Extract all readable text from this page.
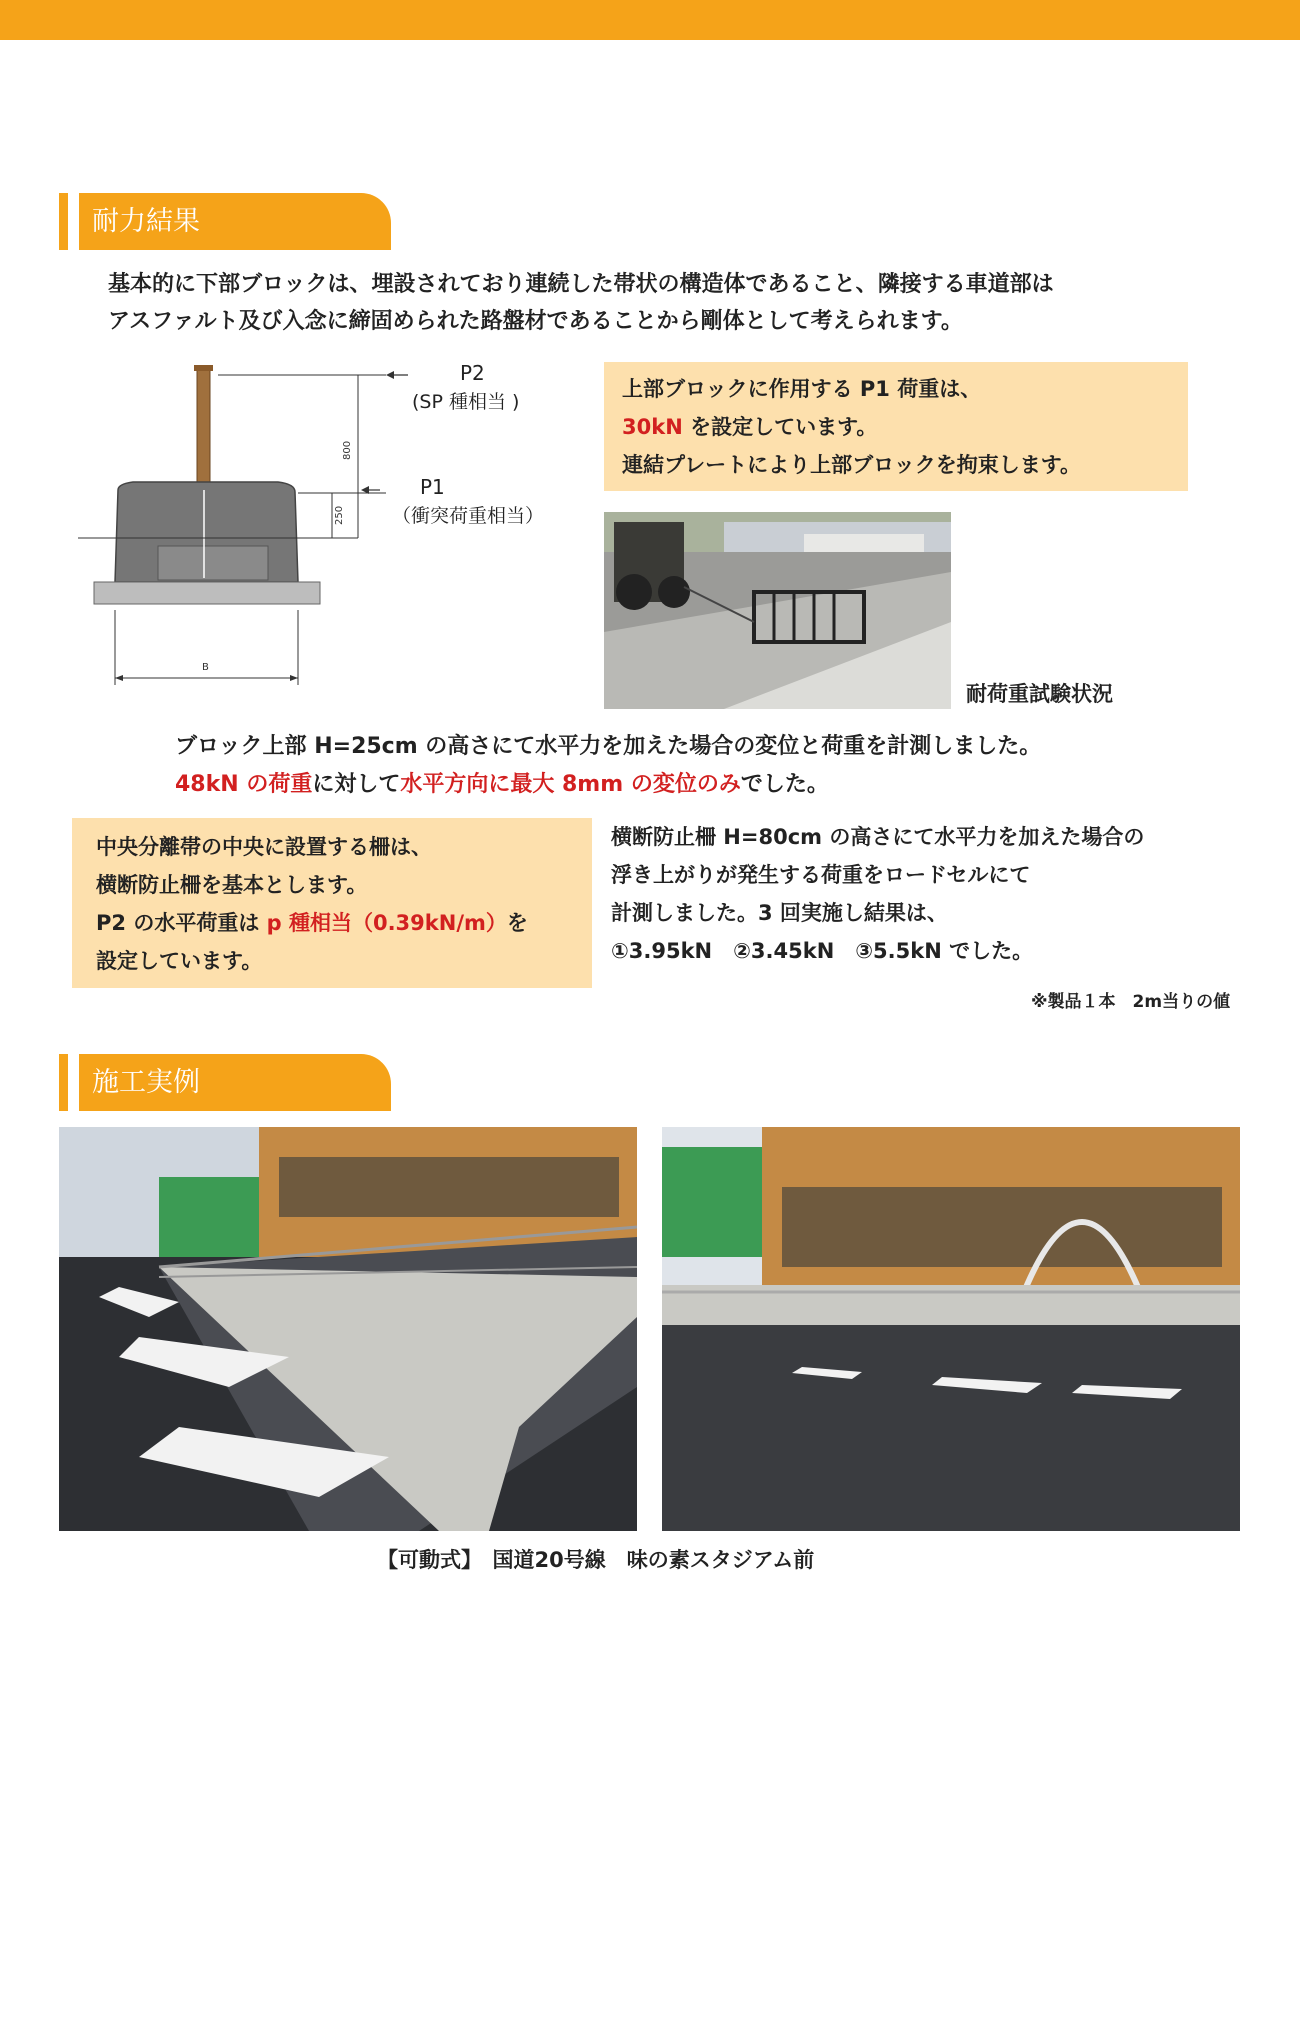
耐力結果
基本的に下部ブロックは、埋設されており連続した帯状の構造体であること、隣接する車道部は
アスファルト及び入念に締固められた路盤材であることから剛体として考えられます。
800
250
B
P2
(SP 種相当 )
P1
（衝突荷重相当）
上部ブロックに作用する P1 荷重は、
30kN を設定しています。
連結プレートにより上部ブロックを拘束します。
耐荷重試験状況
ブロック上部 H=25cm の高さにて水平力を加えた場合の変位と荷重を計測しました。
48kN の荷重に対して水平方向に最大 8mm の変位のみでした。
中央分離帯の中央に設置する柵は、
横断防止柵を基本とします。
P2 の水平荷重は p 種相当（0.39kN/m）を
設定しています。
横断防止柵 H=80cm の高さにて水平力を加えた場合の
浮き上がりが発生する荷重をロードセルにて
計測しました。3 回実施し結果は、
①3.95kN　②3.45kN　③5.5kN でした。
※製品１本　2m当りの値
施工実例
【可動式】　国道20号線　味の素スタジアム前
